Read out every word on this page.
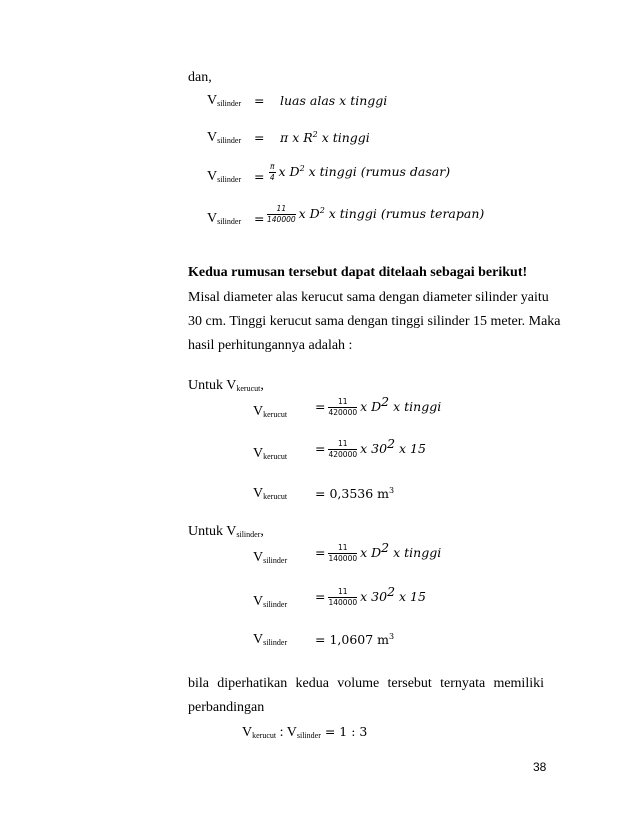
dan,
$V_{silinder}$ = luas alas x tinggi
$V_{silinder} = \pi$ x $R^2$ x tinggi
$V_{silinder} = \frac{\pi}{4}$ x $D^2$ x tinggi (rumus dasar)
$V_{silinder} = \frac{11}{140000}$ x $D^2$ x tinggi (rumus terapan)
Kedua rumusan tersebut dapat ditelaah sebagai berikut!
Misal diameter alas kerucut sama dengan diameter silinder yaitu
30 cm. Tinggi kerucut sama dengan tinggi silinder 15 meter. Maka
hasil perhitungannya adalah :
Untuk $V_{kerucut}$,
$V_{kerucut}$
= $\frac{11}{420000}$ x $D^2$ x tinggi
$V_{kerucut}$
= $\frac{11}{420000}$ x $30^2$ x 15
$V_{kerucut} = 0,3536$ $m^3$
Untuk $V_{silinder}$,
$V_{silinder}$
= $\frac{11}{140000}$ x $D^2$ x tinggi
$V_{silinder}$
= $\frac{11}{140000}$ x $30^2$ x 15
$V_{silinder} = 1,0607$ $m^3$
bila diperhatikan kedua volume tersebut ternyata memiliki
perbandingan
$V_{kerucut}$ : $V_{silinder} = 1$ : 3
38
